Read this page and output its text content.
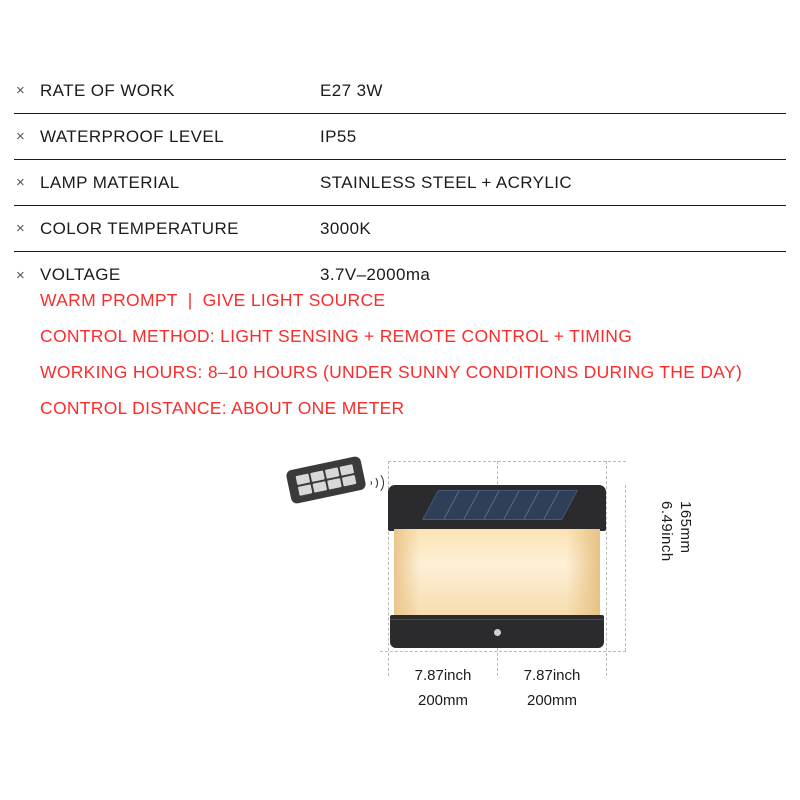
× RATE OF WORK	E27 3W
× WATERPROOF LEVEL	IP55
× LAMP MATERIAL	STAINLESS STEEL + ACRYLIC
× COLOR TEMPERATURE	3000K
× VOLTAGE	3.7V–2000ma
WARM PROMPT | GIVE LIGHT SOURCE
CONTROL METHOD: LIGHT SENSING + REMOTE CONTROL + TIMING
WORKING HOURS: 8–10 HOURS (UNDER SUNNY CONDITIONS DURING THE DAY)
CONTROL DISTANCE: ABOUT ONE METER
6.49inch 165mm
7.87inch
200mm
7.87inch
200mm
